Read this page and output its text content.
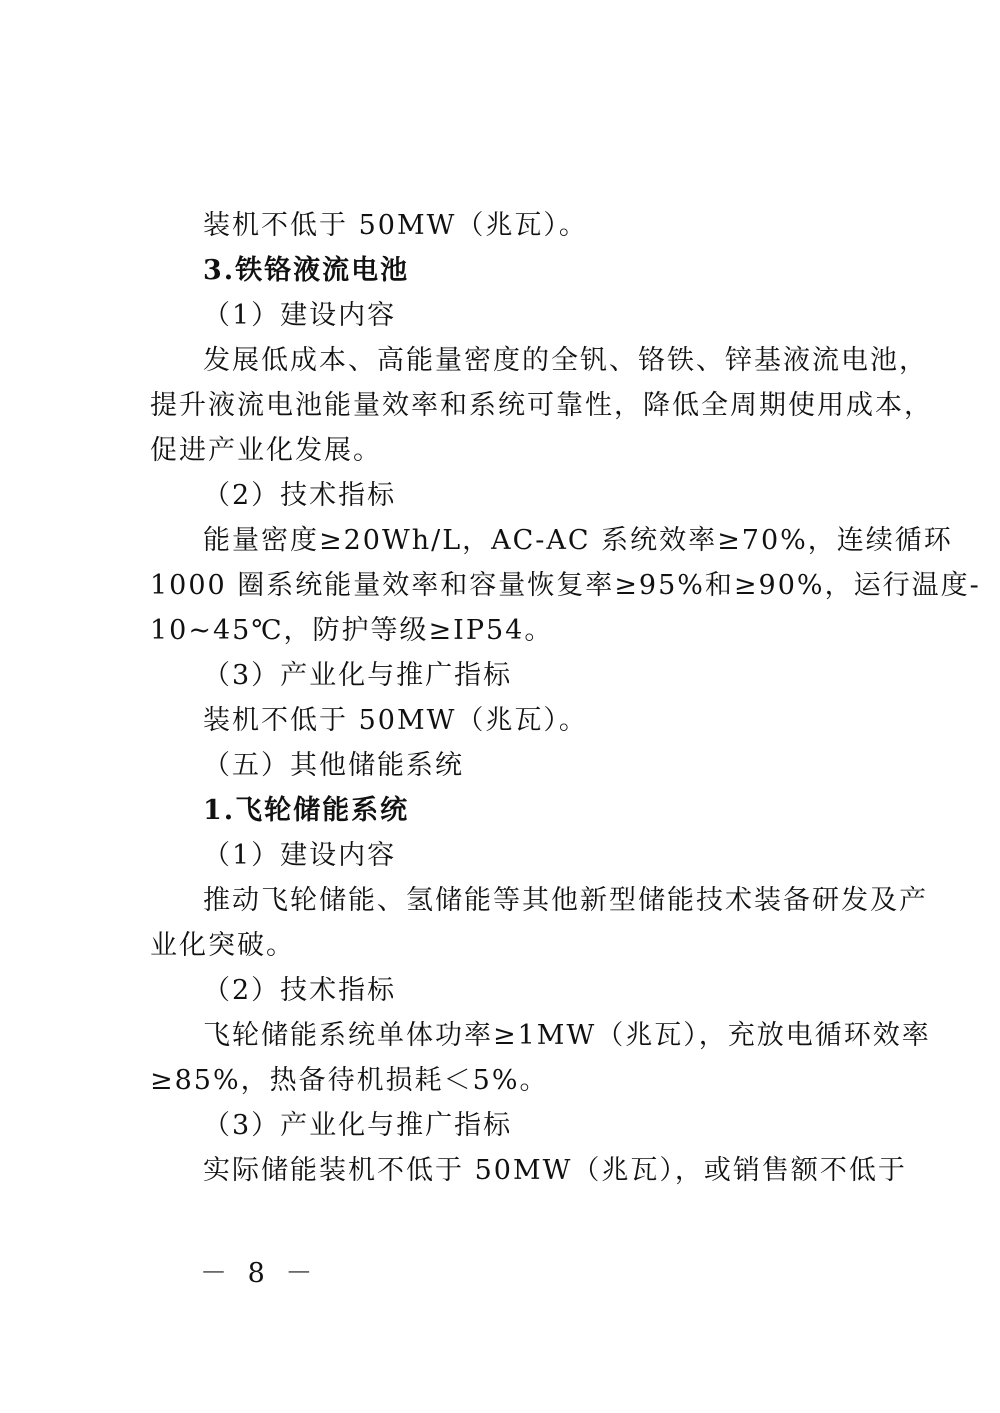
装机不低于 50MW（兆瓦）。
3.铁铬液流电池
（1）建设内容
发展低成本、高能量密度的全钒、铬铁、锌基液流电池，
提升液流电池能量效率和系统可靠性，降低全周期使用成本，
促进产业化发展。
（2）技术指标
能量密度≥20Wh/L，AC-AC 系统效率≥70%，连续循环
1000 圈系统能量效率和容量恢复率≥95%和≥90%，运行温度-
10~45℃，防护等级≥IP54。
（3）产业化与推广指标
装机不低于 50MW（兆瓦）。
（五）其他储能系统
1.飞轮储能系统
（1）建设内容
推动飞轮储能、氢储能等其他新型储能技术装备研发及产
业化突破。
（2）技术指标
飞轮储能系统单体功率≥1MW（兆瓦），充放电循环效率
≥85%，热备待机损耗＜5%。
（3）产业化与推广指标
实际储能装机不低于 50MW（兆瓦），或销售额不低于
－ 8 －
